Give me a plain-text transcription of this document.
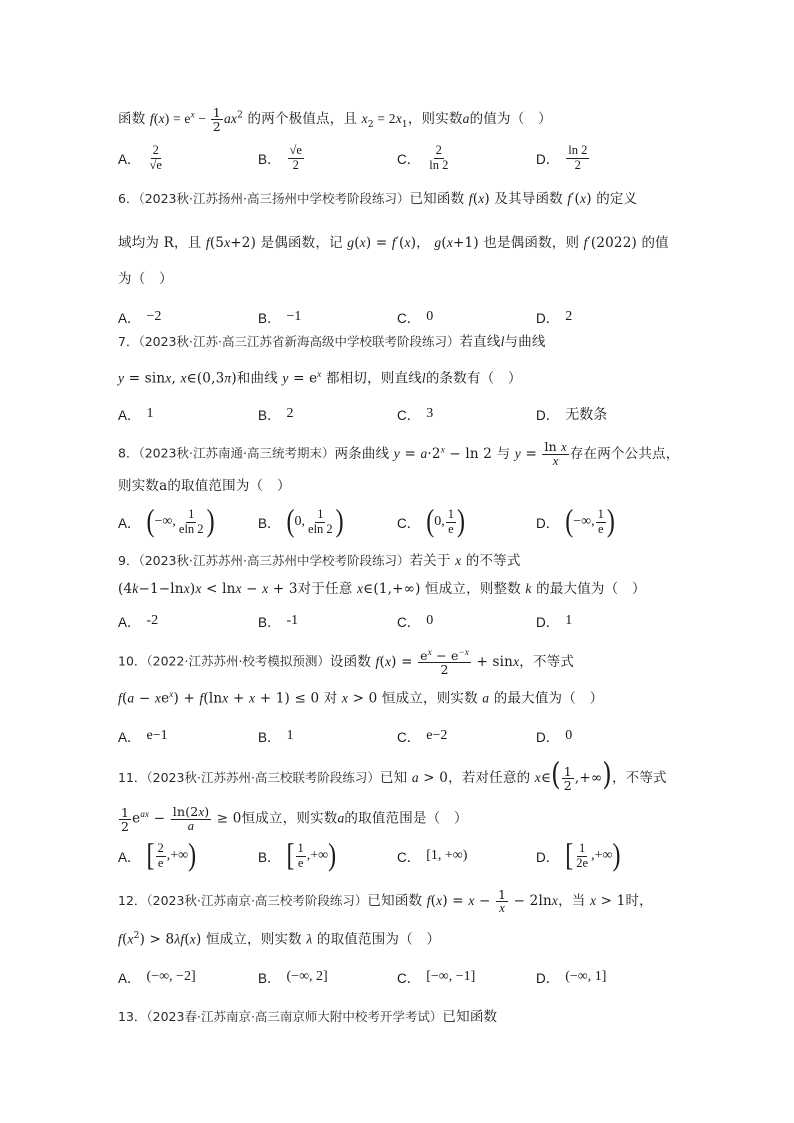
函数 $f(x) = e^x - \frac{1}{2} ax^2$ 的两个极值点，且 $x_2 = 2x_1$，则实数a的值为（　）
A． $\frac{2}{√e}$	B． $\frac{√e}{2}$	C． $\frac{2}{\ln 2}$	D． $\frac{\ln 2}{2}$
6．（2023秋·江苏扬州·高三扬州中学校考阶段练习）已知函数 f(x) 及其导函数 f′(x) 的定义
域均为 R，且 f(5x+2) 是偶函数，记 g(x) = f′(x)， g(x+1) 也是偶函数，则 f′(2022) 的值
为（　）
A． −2	B． −1	C． 0	D． 2
7．（2023秋·江苏·高三江苏省新海高级中学校联考阶段练习）若直线l与曲线
y = sinx, x∈(0,3π)和曲线 $y = e^x$ 都相切，则直线l的条数有（　）
A． 1	B． 2	C． 3	D． 无数条
8．（2023秋·江苏南通·高三统考期末）两条曲线 $y = a\cdot 2^x - \ln 2$ 与 $y = \frac{\text{ln x}}{x}$ 存在两个公共点，
则实数a的取值范围为（　）
A． ( −∞, $\frac{1}{eln 2}$ )	B． ( 0, $\frac{1}{eln 2}$ )	C． ( 0, $\frac{1}{e}$ )	D． ( −∞, $\frac{1}{e}$ )
9．（2023秋·江苏苏州·高三苏州中学校考阶段练习）若关于 x 的不等式
(4k−1−lnx)x < lnx − x + 3对于任意 x∈(1,+∞) 恒成立，则整数 k 的最大值为（　）
A． -2	B． -1	C． 0	D． 1
10．（2022·江苏苏州·校考模拟预测）设函数 $f(x) = \frac{e^x - e^{-x}}{2} + \sin x$，不等式
$f(a - xe^x) + f(\ln x + x + 1) \le 0$ 对 x > 0 恒成立，则实数 a 的最大值为（　）
A． e−1	B． 1	C． e−2	D． 0
11．（2023秋·江苏苏州·高三校联考阶段练习）已知 a > 0，若对任意的 x∈( $\frac{1}{2}$ ,+∞)，不等式
$\frac{1}{2} e^{ax} - \frac{\ln(2x)}{a} \ge 0$恒成立，则实数a的取值范围是（　）
A． [ $\frac{2}{e}$ ,+∞ )	B． [ $\frac{1}{e}$ ,+∞ )	C． [1, +∞)	D． [ $\frac{1}{2e}$ ,+∞ )
12．（2023秋·江苏南京·高三校考阶段练习）已知函数 $f(x) = x - \frac{1}{x} - 2\ln x$，当 x > 1时，
$f(x^2) > 8\lambda f(x)$ 恒成立，则实数 λ 的取值范围为（　）
A． (−∞, −2]	B． (−∞, 2]	C． [−∞, −1]	D． (−∞, 1]
13．（2023春·江苏南京·高三南京师大附中校考开学考试）已知函数
